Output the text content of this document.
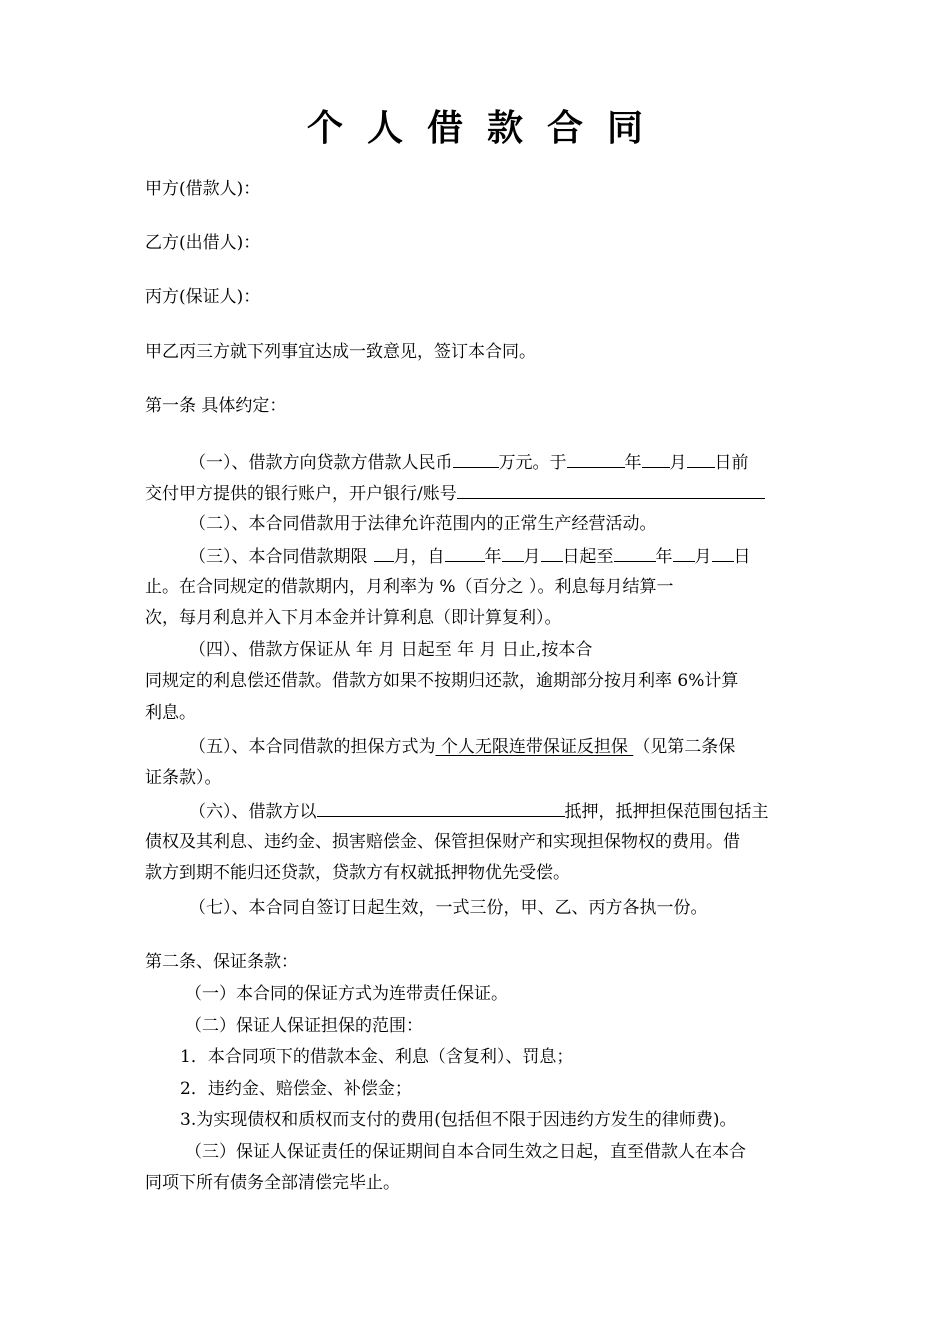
个人借款合同
甲方(借款人)：
乙方(出借人)：
丙方(保证人)：
甲乙丙三方就下列事宜达成一致意见，签订本合同。
第一条 具体约定：
（一）、借款方向贷款方借款人民币	万元。于	年 月 日前
交付甲方提供的银行账户，开户银行/账号
（二）、本合同借款用于法律允许范围内的正常生产经营活动。
（三）、本合同借款期限 月，自 年 月 日起至 年 月 日
止。在合同规定的借款期内，月利率为 %（百分之 ）。利息每月结算一
次，每月利息并入下月本金并计算利息（即计算复利）。
（四）、借款方保证从 年 月 日起至 年 月 日止,按本合
同规定的利息偿还借款。借款方如果不按期归还款，逾期部分按月利率 6%计算
利息。
（五）、本合同借款的担保方式为 个人无限连带保证反担保 （见第二条保
证条款）。
（六）、借款方以	抵押，抵押担保范围包括主
债权及其利息、违约金、损害赔偿金、保管担保财产和实现担保物权的费用。借
款方到期不能归还贷款，贷款方有权就抵押物优先受偿。
（七）、本合同自签订日起生效，一式三份，甲、乙、丙方各执一份。
第二条、保证条款：
（一）本合同的保证方式为连带责任保证。
（二）保证人保证担保的范围：
1．本合同项下的借款本金、利息（含复利）、罚息；
2．违约金、赔偿金、补偿金；
3.为实现债权和质权而支付的费用(包括但不限于因违约方发生的律师费)。
（三）保证人保证责任的保证期间自本合同生效之日起，直至借款人在本合
同项下所有债务全部清偿完毕止。
